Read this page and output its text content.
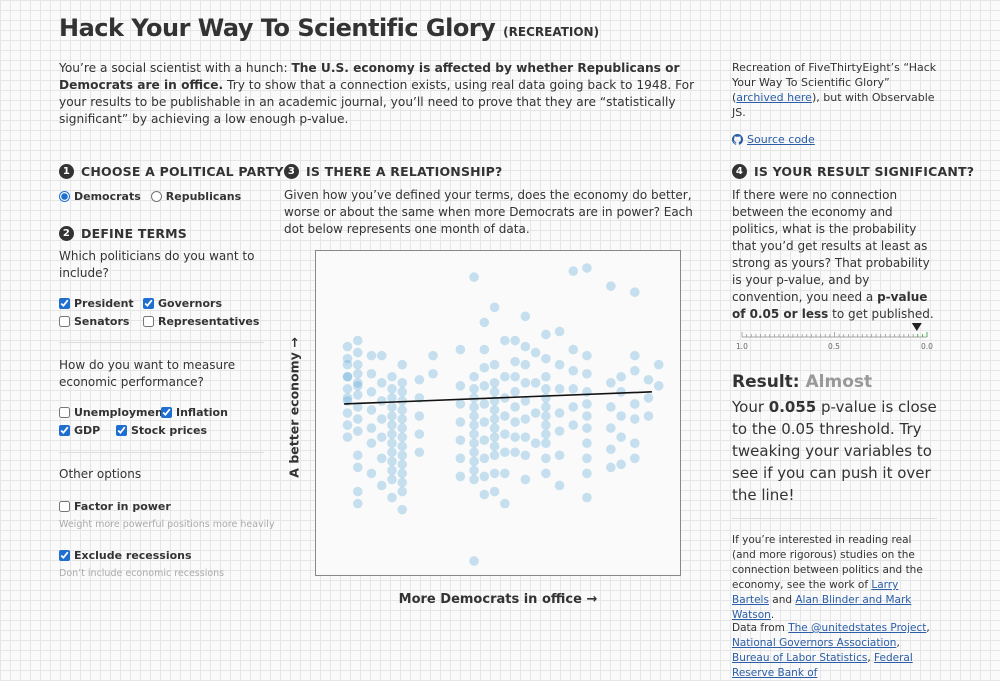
Hack Your Way To Scientific Glory (RECREATION)
You’re a social scientist with a hunch: The U.S. economy is affected by whether Republicans or Democrats are in office. Try to show that a connection exists, using real data going back to 1948. For your results to be publishable in an academic journal, you’ll need to prove that they are “statistically significant” by achieving a low enough p-value.
Recreation of FiveThirtyEight’s “Hack Your Way To Scientific Glory” (archived here), but with Observable JS.
Source code
1 CHOOSE A POLITICAL PARTY
Democrats Republicans
2 DEFINE TERMS
Which politicians do you want to include?
President Governors
Senators	Representatives
How do you want to measure economic performance?
Unemployment Inflation
GDP	Stock prices
Other options
Factor in power
Weight more powerful positions more heavily
Exclude recessions
Don’t include economic recessions
3 IS THERE A RELATIONSHIP?
Given how you’ve defined your terms, does the economy do better, worse or about the same when more Democrats are in power? Each dot below represents one month of data.
A better economy →
More Democrats in office →
4 IS YOUR RESULT SIGNIFICANT?
If there were no connection between the economy and politics, what is the probability that you’d get results at least as strong as yours? That probability is your p-value, and by convention, you need a p-value of 0.05 or less to get published.
1.0	0.5	0.0
Result: Almost
Your 0.055 p-value is close to the 0.05 threshold. Try tweaking your variables to see if you can push it over the line!
If you’re interested in reading real (and more rigorous) studies on the connection between politics and the economy, see the work of Larry Bartels and Alan Blinder and Mark Watson.
Data from The @unitedstates Project, National Governors Association, Bureau of Labor Statistics, Federal Reserve Bank of
